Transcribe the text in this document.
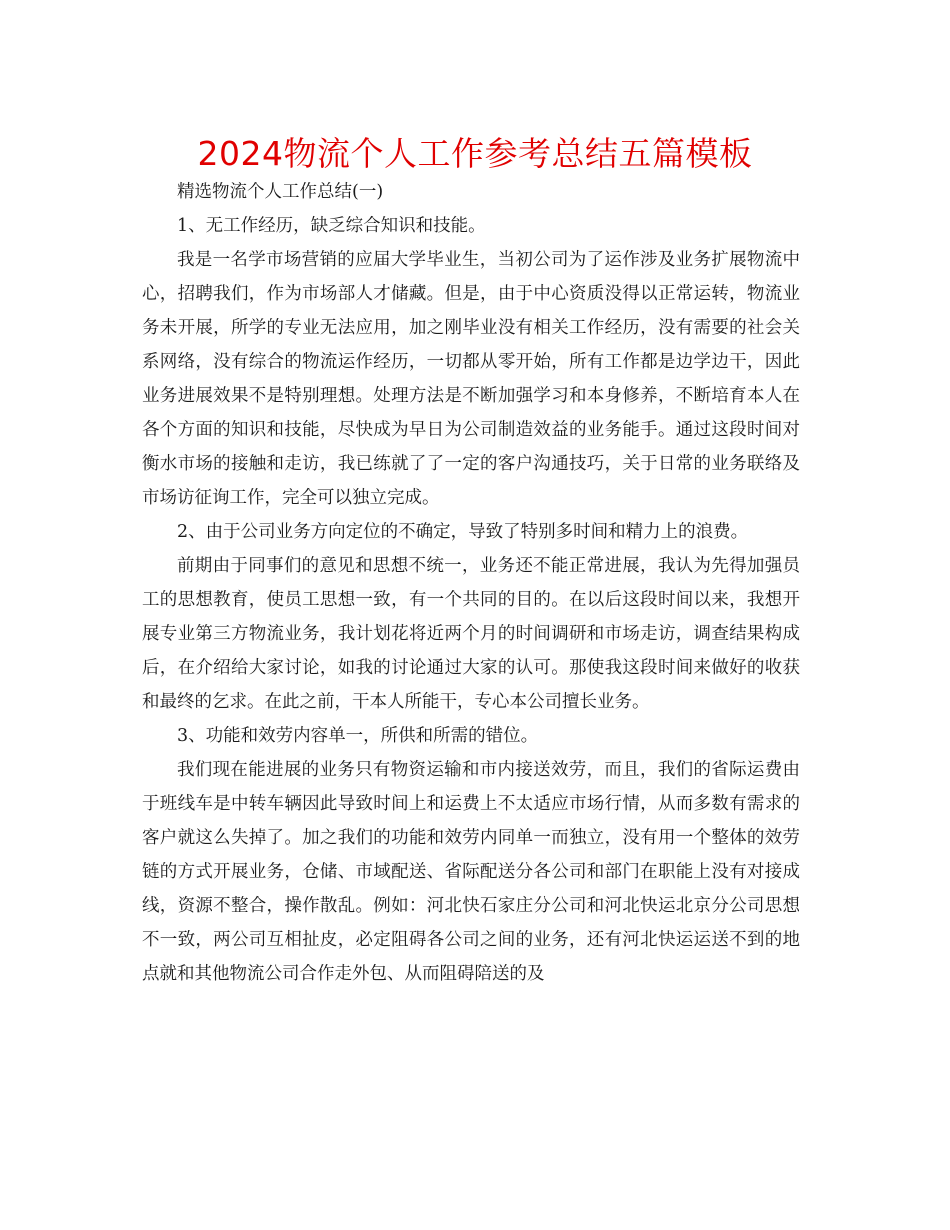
2024物流个人工作参考总结五篇模板

精选物流个人工作总结(一)

1、无工作经历，缺乏综合知识和技能。

我是一名学市场营销的应届大学毕业生，当初公司为了运作涉及业务扩展物流中心，招聘我们，作为市场部人才储藏。但是，由于中心资质没得以正常运转，物流业务未开展，所学的专业无法应用，加之刚毕业没有相关工作经历，没有需要的社会关系网络，没有综合的物流运作经历，一切都从零开始，所有工作都是边学边干，因此业务进展效果不是特别理想。处理方法是不断加强学习和本身修养，不断培育本人在各个方面的知识和技能，尽快成为早日为公司制造效益的业务能手。通过这段时间对衡水市场的接触和走访，我已练就了了一定的客户沟通技巧，关于日常的业务联络及市场访征询工作，完全可以独立完成。

2、由于公司业务方向定位的不确定，导致了特别多时间和精力上的浪费。

前期由于同事们的意见和思想不统一，业务还不能正常进展，我认为先得加强员工的思想教育，使员工思想一致，有一个共同的目的。在以后这段时间以来，我想开展专业第三方物流业务，我计划花将近两个月的时间调研和市场走访，调查结果构成后，在介绍给大家讨论，如我的讨论通过大家的认可。那使我这段时间来做好的收获和最终的乞求。在此之前，干本人所能干，专心本公司擅长业务。

3、功能和效劳内容单一，所供和所需的错位。

我们现在能进展的业务只有物资运输和市内接送效劳，而且，我们的省际运费由于班线车是中转车辆因此导致时间上和运费上不太适应市场行情，从而多数有需求的客户就这么失掉了。加之我们的功能和效劳内同单一而独立，没有用一个整体的效劳链的方式开展业务，仓储、市域配送、省际配送分各公司和部门在职能上没有对接成线，资源不整合，操作散乱。例如：河北快石家庄分公司和河北快运北京分公司思想不一致，两公司互相扯皮，必定阻碍各公司之间的业务，还有河北快运运送不到的地点就和其他物流公司合作走外包、从而阻碍陪送的及
